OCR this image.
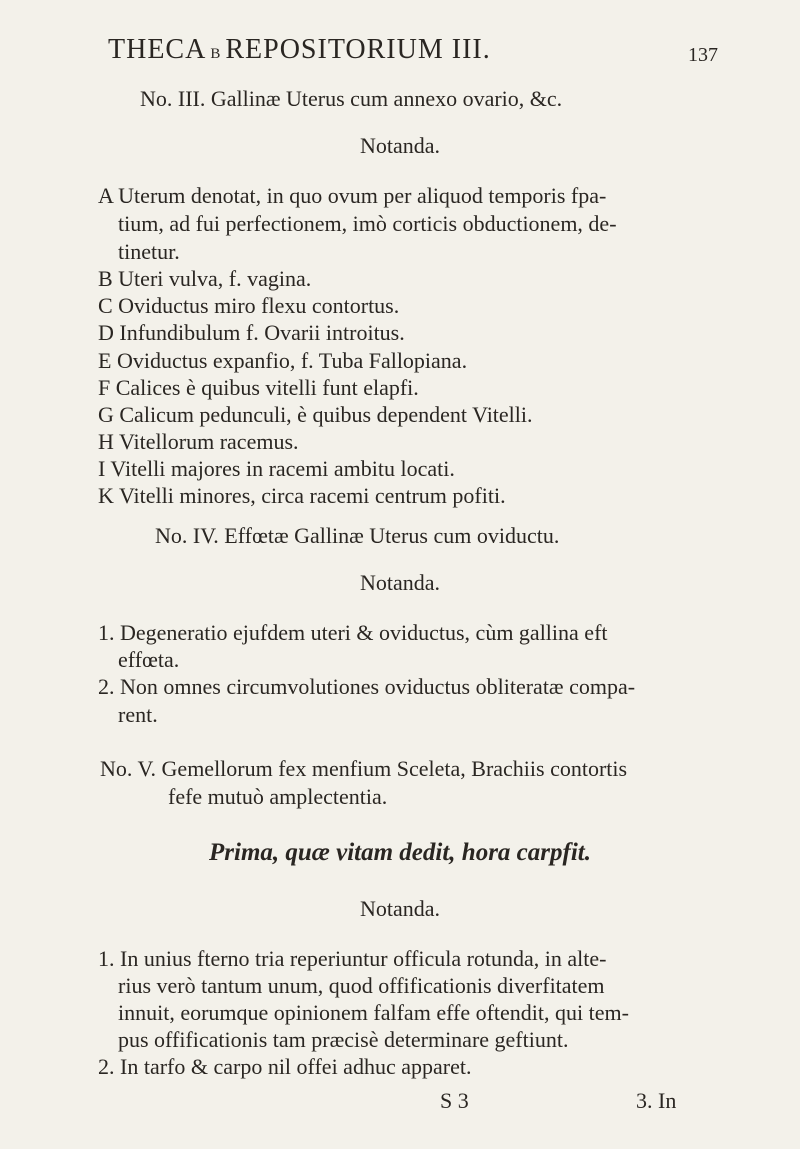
THECA B REPOSITORIUM III.	137
No. III. Gallinæ Uterus cum annexo ovario, &c.
Notanda.
A Uterum denotat, in quo ovum per aliquod temporis fpa-
tium, ad fui perfectionem, imò corticis obductionem, de-
tinetur.
B Uteri vulva, f. vagina.
C Oviductus miro flexu contortus.
D Infundibulum f. Ovarii introitus.
E Oviductus expanfio, f. Tuba Fallopiana.
F Calices è quibus vitelli funt elapfi.
G Calicum pedunculi, è quibus dependent Vitelli.
H Vitellorum racemus.
I Vitelli majores in racemi ambitu locati.
K Vitelli minores, circa racemi centrum pofiti.
No. IV. Effœtæ Gallinæ Uterus cum oviductu.
Notanda.
1. Degeneratio ejufdem uteri & oviductus, cùm gallina eft
effœta.
2. Non omnes circumvolutiones oviductus obliteratæ compa-
rent.
No. V. Gemellorum fex menfium Sceleta, Brachiis contortis
fefe mutuò amplectentia.
Prima, quæ vitam dedit, hora carpfit.
Notanda.
1. In unius fterno tria reperiuntur officula rotunda, in alte-
rius verò tantum unum, quod offificationis diverfitatem
innuit, eorumque opinionem falfam effe oftendit, qui tem-
pus offificationis tam præcisè determinare geftiunt.
2. In tarfo & carpo nil offei adhuc apparet.
S 3	3. In
